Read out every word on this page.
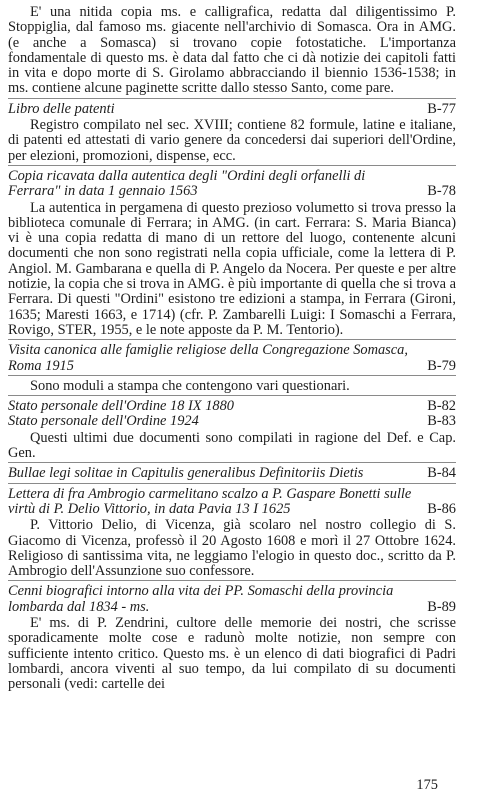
E' una nitida copia ms. e calligrafica, redatta dal diligentissimo P. Stoppiglia, dal famoso ms. giacente nell'archivio di Somasca. Ora in AMG. (e anche a Somasca) si trovano copie fotostatiche. L'importanza fondamentale di questo ms. è data dal fatto che ci dà notizie dei capitoli fatti in vita e dopo morte di S. Girolamo abbracciando il biennio 1536-1538; in ms. contiene alcune paginette scritte dallo stesso Santo, come pare.

Libro delle patenti	B-77

Registro compilato nel sec. XVIII; contiene 82 formule, latine e italiane, di patenti ed attestati di vario genere da concedersi dai superiori dell'Ordine, per elezioni, promozioni, dispense, ecc.

Copia ricavata dalla autentica degli "Ordini degli orfanelli di Ferrara" in data 1 gennaio 1563	B-78

La autentica in pergamena di questo prezioso volumetto si trova presso la biblioteca comunale di Ferrara; in AMG. (in cart. Ferrara: S. Maria Bianca) vi è una copia redatta di mano di un rettore del luogo, contenente alcuni documenti che non sono registrati nella copia ufficiale, come la lettera di P. Angiol. M. Gambarana e quella di P. Angelo da Nocera. Per queste e per altre notizie, la copia che si trova in AMG. è più importante di quella che si trova a Ferrara. Di questi "Ordini" esistono tre edizioni a stampa, in Ferrara (Gironi, 1635; Maresti 1663, e 1714) (cfr. P. Zambarelli Luigi: I Somaschi a Ferrara, Rovigo, STER, 1955, e le note apposte da P. M. Tentorio).

Visita canonica alle famiglie religiose della Congregazione Somasca, Roma 1915	B-79

Sono moduli a stampa che contengono vari questionari.

Stato personale dell'Ordine 18 IX 1880	B-82
Stato personale dell'Ordine 1924	B-83

Questi ultimi due documenti sono compilati in ragione del Def. e Cap. Gen.

Bullae legi solitae in Capitulis generalibus Definitoriis Dietis	B-84
Lettera di fra Ambrogio carmelitano scalzo a P. Gaspare Bonetti sulle virtù di P. Delio Vittorio, in data Pavia 13 I 1625	B-86

P. Vittorio Delio, di Vicenza, già scolaro nel nostro collegio di S. Giacomo di Vicenza, professò il 20 Agosto 1608 e morì il 27 Ottobre 1624. Religioso di santissima vita, ne leggiamo l'elogio in questo doc., scritto da P. Ambrogio dell'Assunzione suo confessore.

Cenni biografici intorno alla vita dei PP. Somaschi della provincia lombarda dal 1834 - ms.	B-89

E' ms. di P. Zendrini, cultore delle memorie dei nostri, che scrisse sporadicamente molte cose e radunò molte notizie, non sempre con sufficiente intento critico. Questo ms. è un elenco di dati biografici di Padri lombardi, ancora viventi al suo tempo, da lui compilato di su documenti personali (vedi: cartelle dei

175
